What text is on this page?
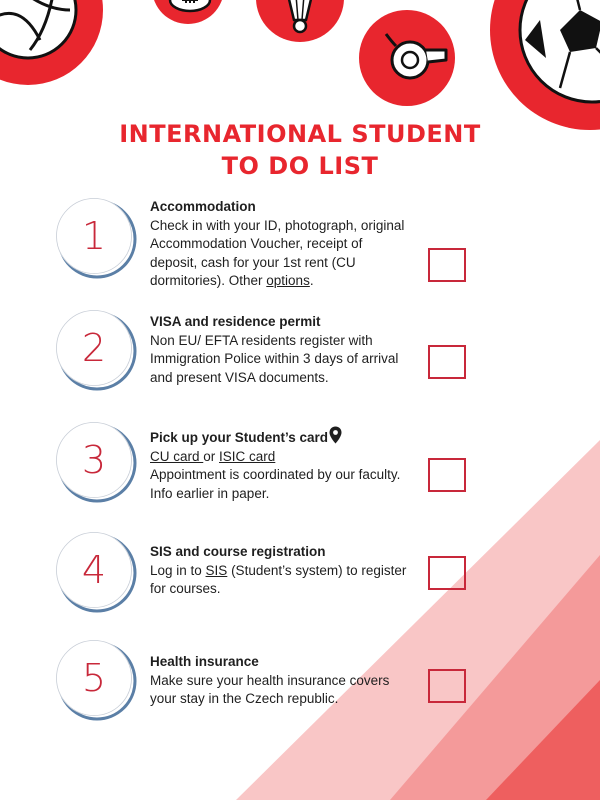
INTERNATIONAL STUDENT
TO DO LIST
1
Accommodation
Check in with your ID, photograph, original Accommodation Voucher, receipt of deposit, cash for your 1st rent (CU dormitories). Other options.
2
VISA and residence permit
Non EU/ EFTA residents register with Immigration Police within 3 days of arrival and present VISA documents.
3
Pick up your Student’s card
CU card or ISIC card
Appointment is coordinated by our faculty. Info earlier in paper.
4	SIS and course registration
Log in to SIS (Student’s system) to register for courses.
5	Health insurance
Make sure your health insurance covers your stay in the Czech republic.
